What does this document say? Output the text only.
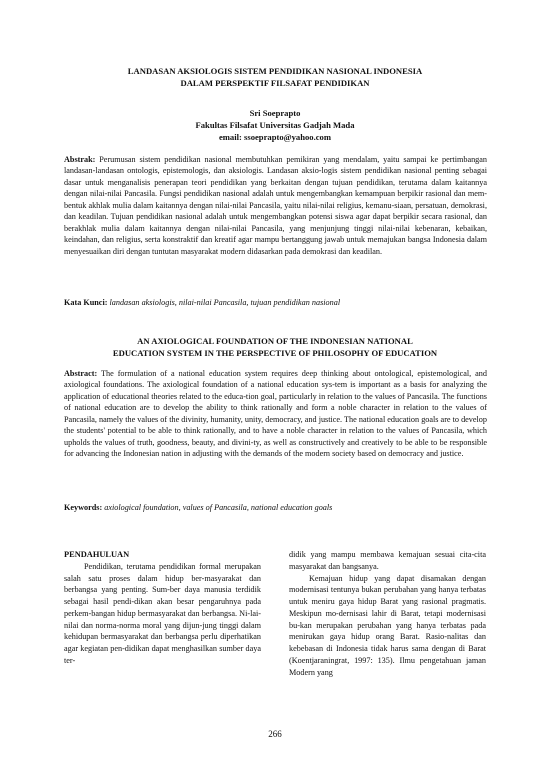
LANDASAN AKSIOLOGIS SISTEM PENDIDIKAN NASIONAL INDONESIA
DALAM PERSPEKTIF FILSAFAT PENDIDIKAN
Sri Soeprapto
Fakultas Filsafat Universitas Gadjah Mada
email: ssoeprapto@yahoo.com
Abstrak: Perumusan sistem pendidikan nasional membutuhkan pemikiran yang mendalam, yaitu sampai ke pertimbangan landasan-landasan ontologis, epistemologis, dan aksiologis. Landasan aksio-logis sistem pendidikan nasional penting sebagai dasar untuk menganalisis penerapan teori pendidikan yang berkaitan dengan tujuan pendidikan, terutama dalam kaitannya dengan nilai-nilai Pancasila. Fungsi pendidikan nasional adalah untuk mengembangkan kemampuan berpikir rasional dan mem-bentuk akhlak mulia dalam kaitannya dengan nilai-nilai Pancasila, yaitu nilai-nilai religius, kemanu-siaan, persatuan, demokrasi, dan keadilan. Tujuan pendidikan nasional adalah untuk mengembangkan potensi siswa agar dapat berpikir secara rasional, dan berakhlak mulia dalam kaitannya dengan nilai-nilai Pancasila, yang menjunjung tinggi nilai-nilai kebenaran, kebaikan, keindahan, dan religius, serta konstraktif dan kreatif agar mampu bertanggung jawab untuk memajukan bangsa Indonesia dalam menyesuaikan diri dengan tuntutan masyarakat modern didasarkan pada demokrasi dan keadilan.
Kata Kunci: landasan aksiologis, nilai-nilai Pancasila, tujuan pendidikan nasional
AN AXIOLOGICAL FOUNDATION OF THE INDONESIAN NATIONAL
EDUCATION SYSTEM IN THE PERSPECTIVE OF PHILOSOPHY OF EDUCATION
Abstract: The formulation of a national education system requires deep thinking about ontological, epistemological, and axiological foundations. The axiological foundation of a national education sys-tem is important as a basis for analyzing the application of educational theories related to the educa-tion goal, particularly in relation to the values of Pancasila. The functions of national education are to develop the ability to think rationally and form a noble character in relation to the values of Pancasila, namely the values of the divinity, humanity, unity, democracy, and justice. The national education goals are to develop the students' potential to be able to think rationally, and to have a noble character in relation to the values of Pancasila, which upholds the values of truth, goodness, beauty, and divini-ty, as well as constructively and creatively to be able to be responsible for advancing the Indonesian nation in adjusting with the demands of the modern society based on democracy and justice.
Keywords: axiological foundation, values of Pancasila, national education goals

PENDAHULUAN

Pendidikan, terutama pendidikan formal merupakan salah satu proses dalam hidup ber-masyarakat dan berbangsa yang penting. Sum-ber daya manusia terdidik sebagai hasil pendi-dikan akan besar pengaruhnya pada perkem-bangan hidup bermasyarakat dan berbangsa. Ni-lai-nilai dan norma-norma moral yang dijun-jung tinggi dalam kehidupan bermasyarakat dan berbangsa perlu diperhatikan agar kegiatan pen-didikan dapat menghasilkan sumber daya ter-

didik yang mampu membawa kemajuan sesuai cita-cita masyarakat dan bangsanya.

Kemajuan hidup yang dapat disamakan dengan modernisasi tentunya bukan perubahan yang hanya terbatas untuk meniru gaya hidup Barat yang rasional pragmatis. Meskipun mo-dernisasi lahir di Barat, tetapi modernisasi bu-kan merupakan perubahan yang hanya terbatas pada menirukan gaya hidup orang Barat. Rasio-nalitas dan kebebasan di Indonesia tidak harus sama dengan di Barat (Koentjaraningrat, 1997: 135). Ilmu pengetahuan jaman Modern yang

266
